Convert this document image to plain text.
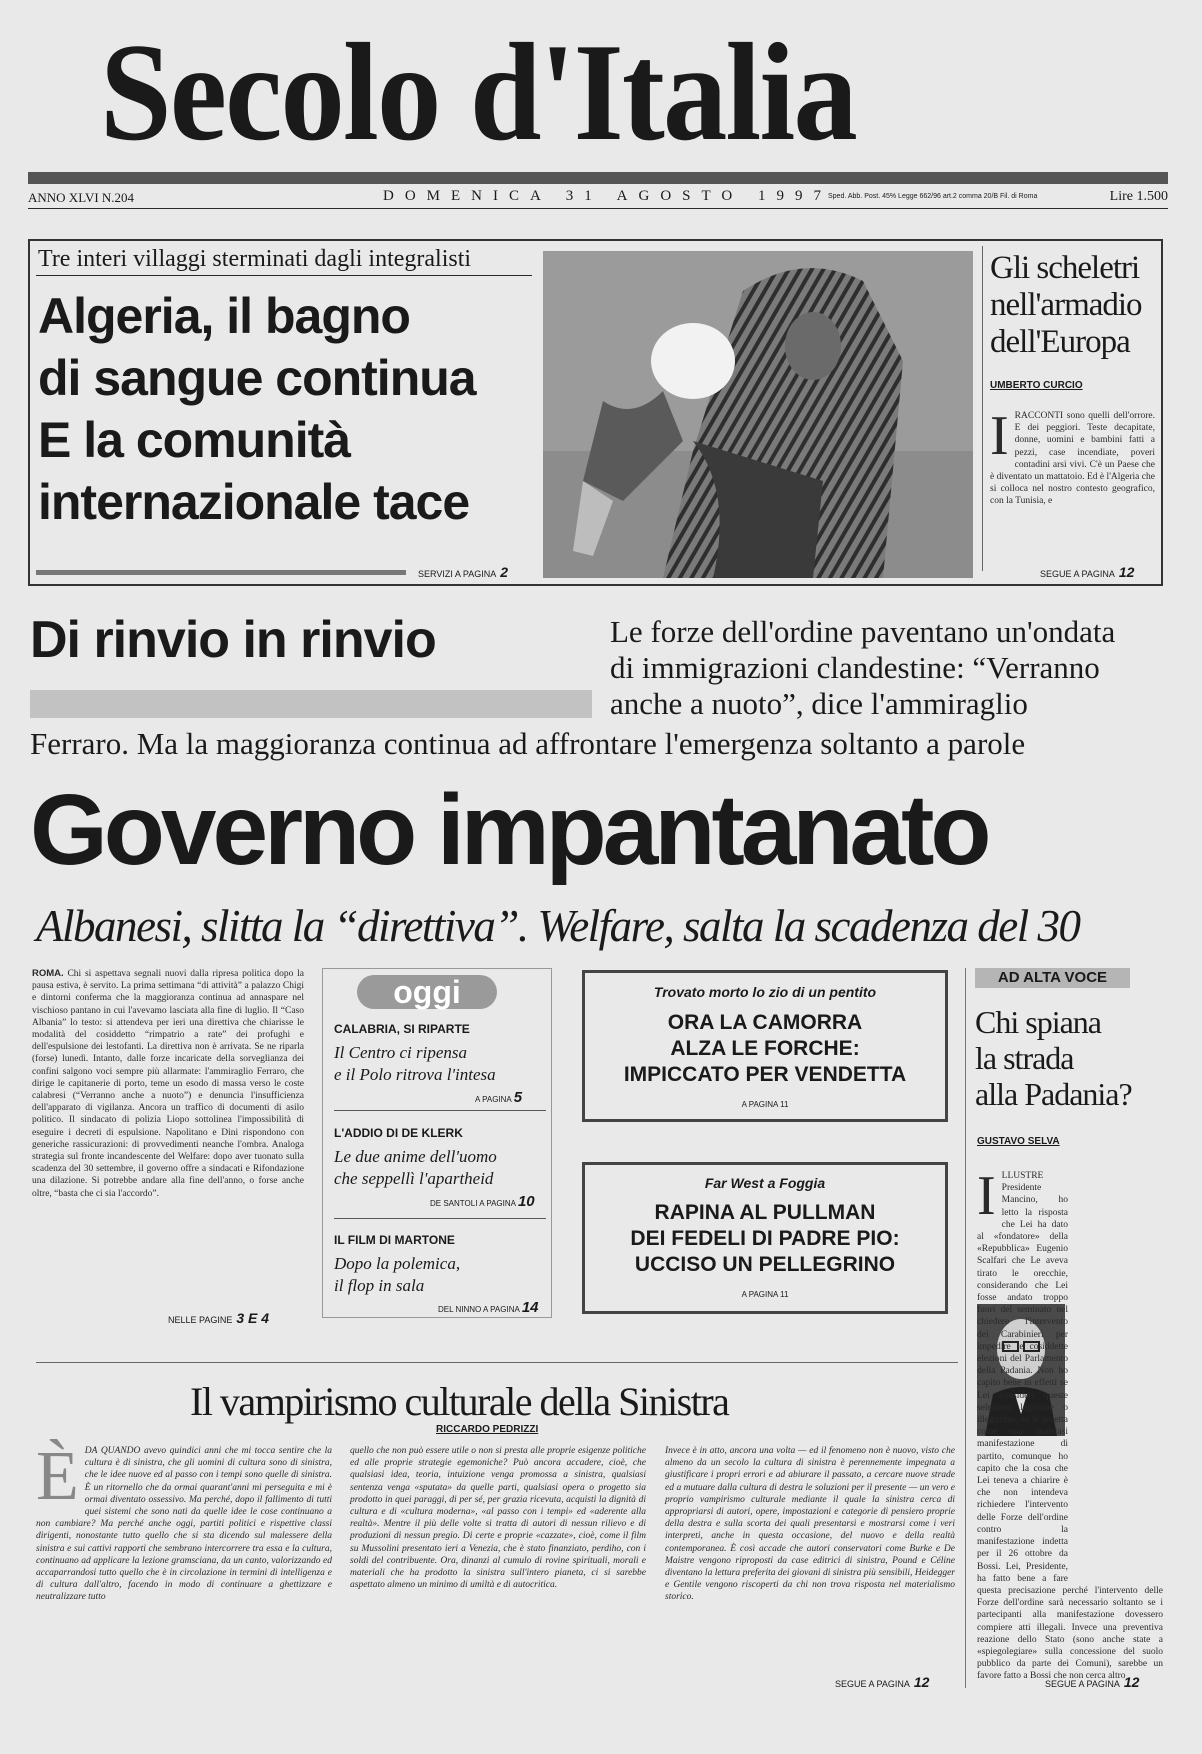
Secolo d'Italia
ANNO XLVI N.204	DOMENICA 31 AGOSTO 1997
Sped. Abb. Post. 45% Legge 662/96 art.2 comma 20/B Fil. di Roma	Lire 1.500
Tre interi villaggi sterminati dagli integralisti
Algeria, il bagno
di sangue continua
E la comunità
internazionale tace
SERVIZI A PAGINA 2
Gli scheletri
nell'armadio
dell'Europa
UMBERTO CURCIO
IRACCONTI sono quelli dell'orrore. E dei peggiori. Teste decapitate, donne, uomini e bambini fatti a pezzi, case incendiate, poveri contadini arsi vivi. C'è un Paese che è diventato un mattatoio. Ed è l'Algeria che si colloca nel nostro contesto geografico, con la Tunisia, e
SEGUE A PAGINA 12
Di rinvio in rinvio	Le forze dell'ordine paventano un'ondata
di immigrazioni clandestine: “Verranno
anche a nuoto”, dice l'ammiraglio
Ferraro. Ma la maggioranza continua ad affrontare l'emergenza soltanto a parole
Governo impantanato
Albanesi, slitta la “direttiva”. Welfare, salta la scadenza del 30
ROMA. Chi si aspettava segnali nuovi dalla ripresa politica dopo la pausa estiva, è servito. La prima settimana “di attività” a palazzo Chigi e dintorni conferma che la maggioranza continua ad annaspare nel vischioso pantano in cui l'avevamo lasciata alla fine di luglio. Il “Caso Albania” lo testo: si attendeva per ieri una direttiva che chiarisse le modalità del cosiddetto “rimpatrio a rate” dei profughi e dell'espulsione dei lestofanti. La direttiva non è arrivata. Se ne riparla (forse) lunedì. Intanto, dalle forze incaricate della sorveglianza dei confini salgono voci sempre più allarmate: l'ammiraglio Ferraro, che dirige le capitanerie di porto, teme un esodo di massa verso le coste calabresi (“Verranno anche a nuoto”) e denuncia l'insufficienza dell'apparato di vigilanza. Ancora un traffico di documenti di asilo politico. Il sindacato di polizia Liopo sottolinea l'impossibilità di eseguire i decreti di espulsione. Napolitano e Dini rispondono con generiche rassicurazioni: di provvedimenti neanche l'ombra. Analoga strategia sul fronte incandescente del Welfare: dopo aver tuonato sulla scadenza del 30 settembre, il governo offre a sindacati e Rifondazione una dilazione. Si potrebbe andare alla fine dell'anno, o forse anche oltre, “basta che ci sia l'accordo”.
NELLE PAGINE 3 E 4
oggi
CALABRIA, SI RIPARTE
Il Centro ci ripensa
e il Polo ritrova l'intesa
A PAGINA 5
L'ADDIO DI DE KLERK
Le due anime dell'uomo
che seppellì l'apartheid
DE SANTOLI A PAGINA 10
IL FILM DI MARTONE
Dopo la polemica,
il flop in sala
DEL NINNO A PAGINA 14
Trovato morto lo zio di un pentito
ORA LA CAMORRA
ALZA LE FORCHE:
IMPICCATO PER VENDETTA
A PAGINA 11
Far West a Foggia
RAPINA AL PULLMAN
DEI FEDELI DI PADRE PIO:
UCCISO UN PELLEGRINO
A PAGINA 11
AD ALTA VOCE
Chi spiana
la strada
alla Padania?
GUSTAVO SELVA
ILLUSTRE Presidente Mancino, ho letto la risposta che Lei ha dato al «fondatore» della «Repubblica» Eugenio Scalfari che Le aveva tirato le orecchie, considerando che Lei fosse andato troppo fuori del seminato nel chiedere l'intervento dei Carabinieri per impedire le cosiddette elezioni del Parlamento della Padania. Non ho capito bene in effetti se Lei consideri queste selezioni legittime o illegittime, se le accetta come una qualsiasi manifestazione di partito, comunque ho capito che la cosa che Lei teneva a chiarire è che non intendeva richiedere l'intervento delle Forze dell'ordine contro la manifestazione indetta per il 26 ottobre da Bossi. Lei, Presidente, ha fatto bene a fare questa precisazione perché l'intervento delle Forze dell'ordine sarà necessario soltanto se i partecipanti alla manifestazione dovessero compiere atti illegali. Invece una preventiva reazione dello Stato (sono anche state a «spiegolegiare» sulla concessione del suolo pubblico da parte dei Comuni), sarebbe un favore fatto a Bossi che non cerca altro
SEGUE A PAGINA 12
Il vampirismo culturale della Sinistra
RICCARDO PEDRIZZI
ÈDA QUANDO avevo quindici anni che mi tocca sentire che la cultura è di sinistra, che gli uomini di cultura sono di sinistra, che le idee nuove ed al passo con i tempi sono quelle di sinistra. È un ritornello che da ormai quarant'anni mi perseguita e mi è ormai diventato ossessivo. Ma perché, dopo il fallimento di tutti quei sistemi che sono nati da quelle idee le cose continuano a non cambiare? Ma perché anche oggi, partiti politici e rispettive classi dirigenti, nonostante tutto quello che si sta dicendo sul malessere della sinistra e sui cattivi rapporti che sembrano intercorrere tra essa e la cultura, continuano ad applicare la lezione gramsciana, da un canto, valorizzando ed accaparrandosi tutto quello che è in circolazione in termini di intelligenza e di cultura dall'altro, facendo in modo di continuare a ghettizzare e neutralizzare tutto
quello che non può essere utile o non si presta alle proprie esigenze politiche ed alle proprie strategie egemoniche? Può ancora accadere, cioè, che qualsiasi idea, teoria, intuizione venga promossa a sinistra, qualsiasi sentenza venga «sputata» da quelle parti, qualsiasi opera o progetto sia prodotto in quei paraggi, di per sé, per grazia ricevuta, acquisti la dignità di cultura e di «cultura moderna», «al passo con i tempi» ed «aderente alla realtà». Mentre il più delle volte si tratta di autori di nessun rilievo e di produzioni di nessun pregio. Di certe e proprie «cazzate», cioè, come il film su Mussolini presentato ieri a Venezia, che è stato finanziato, perdiho, con i soldi del contribuente. Ora, dinanzi al cumulo di rovine spirituali, morali e materiali che ha prodotto la sinistra sull'intero pianeta, ci si sarebbe aspettato almeno un minimo di umiltà e di autocritica.
Invece è in atto, ancora una volta — ed il fenomeno non è nuovo, visto che almeno da un secolo la cultura di sinistra è perennemente impegnata a giustificare i propri errori e ad abiurare il passato, a cercare nuove strade ed a mutuare dalla cultura di destra le soluzioni per il presente — un vero e proprio vampirismo culturale mediante il quale la sinistra cerca di appropriarsi di autori, opere, impostazioni e categorie di pensiero proprie della destra e sulla scorta dei quali presentarsi e mostrarsi come i veri interpreti, anche in questa occasione, del nuovo e della realtà contemporanea. È così accade che autori conservatori come Burke e De Maistre vengono riproposti da case editrici di sinistra, Pound e Céline diventano la lettura preferita dei giovani di sinistra più sensibili, Heidegger e Gentile vengono riscoperti da chi non trova risposta nel materialismo storico.
SEGUE A PAGINA 12
